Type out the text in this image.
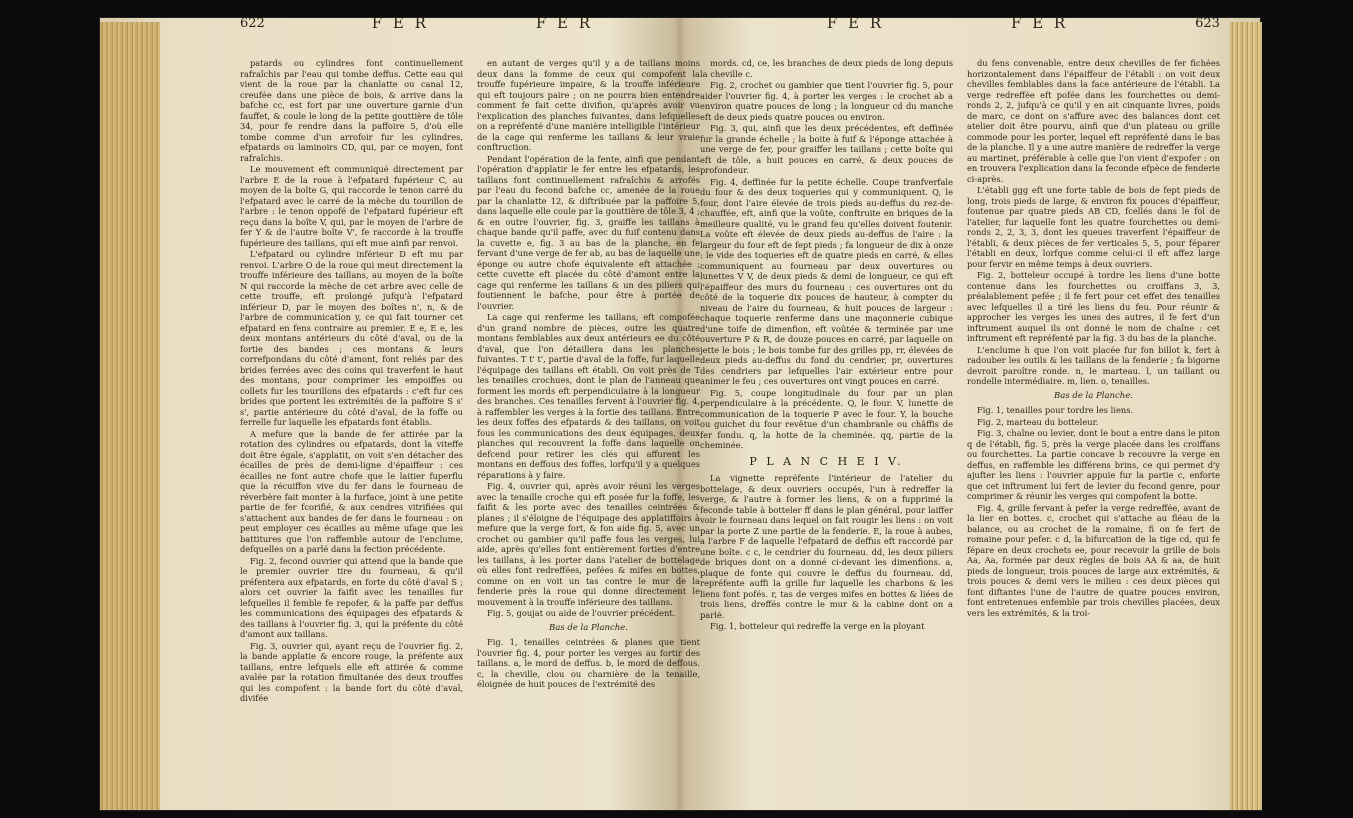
622	F E R	F E R

patards ou cylindres font continuellement rafraîchis par l'eau qui tombe deffus. Cette eau qui vient de la roue par la chanlatte ou canal 12, creufée dans une pièce de bois, & arrive dans la bafche cc, est fort par une ouverture garnie d'un fauffet, & coule le long de la petite gouttière de tôle 34, pour fe rendre dans la paffoire 5, d'où elle tombe comme d'un arrofoir fur les cylindres, efpatards ou laminoirs CD, qui, par ce moyen, font rafraîchis.

Le mouvement eft communiqué directement par l'arbre E de la roue à l'efpatard fupérieur C, au moyen de la boîte G, qui raccorde le tenon carré du l'efpatard avec le carré de la mèche du tourillon de l'arbre : le tenon oppofé de l'efpatard fupérieur eft reçu dans la boîte V, qui, par le moyen de l'arbre de fer Y & de l'autre boîte V', fe raccorde à la trouffe fupérieure des taillans, qui eft mue ainfi par renvoi.

L'efpatard ou cylindre inférieur D eft mu par renvoi. L'arbre O de la roue qui meut directement la trouffe inférieure des taillans, au moyen de la boîte N qui raccorde la mèche de cet arbre avec celle de cette trouffe, eft prolongé jufqu'à l'efpatard inférieur D, par le moyen des boîtes n', n, & de l'arbre de communication y, ce qui fait tourner cet efpatard en fens contraire au premier. E e, E e, les deux montans antérieurs du côté d'aval, ou de la fortie des bandes ; ces montans & leurs correfpondans du côté d'amont, font reliés par des brides ferrées avec des coins qui traverfent le haut des montans, pour comprimer les empoiffes ou collets fur les tourillons des efpatards : c'eft fur ces brides que portent les extrémités de la paffoire S s' s', partie antérieure du côté d'aval, de la foffe ou ferrelle fur laquelle les efpatards font établis.

A mefure que la bande de fer attirée par la rotation des cylindres ou efpatards, dont la viteffe doit être égale, s'applatit, on voit s'en détacher des écailles de près de demi-ligne d'épaiffeur : ces écailles ne font autre chofe que le laitier fuperflu que la récuiffon vive du fer dans le fourneau de réverbère fait monter à la furface, joint à une petite partie de fer fcorifié, & aux cendres vitrifiées qui s'attachent aux bandes de fer dans le fourneau : on peut employer ces écailles au même ufage que les battitures que l'on raffemble autour de l'enclume, defquelles on a parlé dans la fection précédente.

Fig. 2, fecond ouvrier qui attend que la bande que le premier ouvrier tire du fourneau, & qu'il préfentera aux efpatards, en forte du côté d'aval S ; alors cet ouvrier la faifit avec les tenailles fur lefquelles il femble fe repofer, & la paffe par deffus les communications des équipages des efpatards & des taillans à l'ouvrier fig. 3, qui la préfente du côté d'amont aux taillans.

Fig. 3, ouvrier qui, ayant reçu de l'ouvrier fig. 2, la bande applatie & encore rouge, la préfente aux taillans, entre lefquels elle eft attirée & comme avalée par la rotation fimultanée des deux trouffes qui les compofent : la bande fort du côté d'aval, divifée

en autant de verges qu'il y a de taillans moins deux dans la fomme de ceux qui compofent la trouffe fupérieure impaire, & la trouffe inférieure qui eft toujours paire ; on ne pourra bien entendre comment fe fait cette divifion, qu'après avoir vu l'explication des planches fuivantes, dans lefquelles on a repréfenté d'une manière intelligible l'intérieur de la cage qui renferme les taillans & leur vraie conftruction.

Pendant l'opération de la fente, ainfi que pendant l'opération d'applatir le fer entre les efpatards, les taillans font continuellement rafraîchis & arrofés par l'eau du fecond bafche cc, amenée de la roue par la chanlatte 12, & diftribuée par la paffoire 5, dans laquelle elle coule par la gouttière de tôle 3, 4 ; & en outre l'ouvrier, fig. 3, graiffe les taillans à chaque bande qu'il paffe, avec du fuif contenu dans la cuvette e, fig. 3 au bas de la planche, en fe fervant d'une verge de fer ab, au bas de laquelle une éponge ou autre chofe équivalente eft attachée ; cette cuvette eft placée du côté d'amont entre la cage qui renferme les taillans & un des piliers qui foutiennent le bafche, pour être à portée de l'ouvrier.

La cage qui renferme les taillans, eft compofée d'un grand nombre de pièces, outre les quatre montans femblables aux deux antérieurs ee du côté d'aval, que l'on détaillera dans les planches fuivantes. T t' t', partie d'aval de la foffe, fur laquelle l'équipage des taillans eft établi. On voit près de T les tenailles crochues, dont le plan de l'anneau que forment les mords eft perpendiculaire à la longueur des branches. Ces tenailles fervent à l'ouvrier fig. 4, à raffembler les verges à la fortie des taillans. Entre les deux foffes des efpatards & des taillans, on voit fous les communications des deux équipages, deux planches qui recouvrent la foffe dans laquelle on defcend pour retirer les clés qui affurent les montans en deffous des foffes, lorfqu'il y a quelques réparations à y faire.

Fig. 4, ouvrier qui, après avoir réuni les verges avec la tenaille croche qui eft posée fur la foffe, les faifit & les porte avec des tenailles ceintrées & planes ; il s'éloigne de l'équipage des applatiffoirs à mefure que la verge fort, & fon aide fig. 5, avec un crochet ou gambier qu'il paffe fous les verges, lui aide, après qu'elles font entièrement forties d'entre les taillans, à les porter dans l'atelier de bottelage où elles font redreffées, pefées & mifes en bottes, comme on en voit un tas contre le mur de la fenderie près la roue qui donne directement le mouvement à la trouffe inférieure des taillans.

Fig. 5, goujat ou aide de l'ouvrier précédent.

Bas de la Planche.

Fig. 1, tenailles ceintrées & planes que tient l'ouvrier fig. 4, pour porter les verges au fortir des taillans. a, le mord de deffus. b, le mord de deffous. c, la cheville, clou ou charnière de la tenaille, éloignée de huit pouces de l'extrémité des

F E R	F E R	623

mords. cd, ce, les branches de deux pieds de long depuis la cheville c.

Fig. 2, crochet ou gambier que tient l'ouvrier fig. 5, pour aider l'ouvrier fig. 4, à porter les verges : le crochet ab a environ quatre pouces de long ; la longueur cd du manche eft de deux pieds quatre pouces ou environ.

Fig. 3, qui, ainfi que les deux précédentes, eft deffinée fur la grande échelle ; la boite à fuif & l'éponge attachée à une verge de fer, pour graiffer les taillans ; cette boîte qui eft de tôle, a huit pouces en carré, & deux pouces de profondeur.

Fig. 4, deffinée fur la petite échelle. Coupe tranfverfale du four & des deux toqueries qui y communiquent. Q, le four, dont l'aire élevée de trois pieds au-deffus du rez-de-chauffée, eft, ainfi que la voûte, conftruite en briques de la meilleure qualité, vu le grand feu qu'elles doivent foutenir. La voûte eft élevée de deux pieds au-deffus de l'aire : la largeur du four eft de fept pieds ; fa longueur de dix à onze : le vide des toqueries eft de quatre pieds en carré, & elles communiquent au fourneau par deux ouvertures ou lunettes V V, de deux pieds & demi de longueur, ce qui eft l'épaiffeur des murs du fourneau : ces ouvertures ont du côté de la toquerie dix pouces de hauteur, à compter du niveau de l'aire du fourneau, & huit pouces de largeur : chaque toquerie renferme dans une maçonnerie cubique d'une toife de dimenfion, eft voûtée & terminée par une ouverture P & R, de douze pouces en carré, par laquelle on jette le bois ; le bois tombe fur des grilles pp, rr, élevées de deux pieds au-deffus du fond du cendrier, pr, ouvertures des cendriers par lefquelles l'air extérieur entre pour animer le feu ; ces ouvertures ont vingt pouces en carré.

Fig. 5, coupe longitudinale du four par un plan perpendiculaire à la précédente. Q, le four. V, lunette de communication de la toquerie P avec le four. Y, la bouche ou guichet du four revêtue d'un chambranle ou châffis de fer fondu. q, la hotte de la cheminée. qq, partie de la cheminée.

P L A N C H E I V.

La vignette repréfente l'intérieur de l'atelier du bottelage, & deux ouvriers occupés, l'un à redreffer la verge, & l'autre à former les liens, & on a fupprimé la feconde table à botteler ff dans le plan général, pour laiffer voir le fourneau dans lequel on fait rougir les liens : on voit par la porte Z une partie de la fenderie. E, la roue à aubes, a l'arbre F de laquelle l'efpatard de deffus eft raccordé par une boîte. c c, le cendrier du fourneau. dd, les deux piliers de briques dont on a donné ci-devant les dimenfions. a, plaque de fonte qui couvre le deffus du fourneau. dd, repréfente auffi la grille fur laquelle les charbons & les liens font pofés. r, tas de verges mifes en bottes & liées de trois liens, dreffés contre le mur & la cabine dont on a parlé.

Fig. 1, botteleur qui redreffe la verge en la ployant

du fens convenable, entre deux chevilles de fer fichées horizontalement dans l'épaiffeur de l'établi : on voit deux chevilles femblables dans la face antérieure de l'établi. La verge redreffée eft pofée dans les fourchettes ou demi-ronds 2, 2, jufqu'à ce qu'il y en ait cinquante livres, poids de marc, ce dont on s'affure avec des balances dont cet atelier doit être pourvu, ainfi que d'un plateau ou grille commode pour les porter, lequel eft repréfenté dans le bas de la planche. Il y a une autre manière de redreffer la verge au martinet, préférable à celle que l'on vient d'expofer : on en trouvera l'explication dans la feconde efpèce de fenderie ci-après.

L'établi ggg eft une forte table de bois de fept pieds de long, trois pieds de large, & environ fix pouces d'épaiffeur, foutenue par quatre pieds AB CD, fcellés dans le fol de l'atelier, fur laquelle font les quatre fourchettes ou demi-ronds 2, 2, 3, 3, dont les queues traverfent l'épaiffeur de l'établi, & deux pièces de fer verticales 5, 5, pour féparer l'établi en deux, lorfque comme celui-ci il eft affez large pour fervir en même temps à deux ouvriers.

Fig. 2, botteleur occupé à tordre les liens d'une botte contenue dans les fourchettes ou croiffans 3, 3, préalablement pefée ; il fe fert pour cet effet des tenailles avec lefquelles il a tiré les liens du feu. Pour réunir & approcher les verges les unes des autres, il fe fert d'un inftrument auquel ils ont donné le nom de chaîne : cet inftrument eft repréfenté par la fig. 3 du bas de la planche.

L'enclume h que l'on voit placée fur fon billot k, fert à radouber les outils & les taillans de la fenderie ; fa bigorne devroit paroître ronde. n, le marteau. l, un taillant ou rondelle intermédiaire. m, lien. o, tenailles.

Bas de la Planche.

Fig. 1, tenailles pour tordre les liens.

Fig. 2, marteau du botteleur.

Fig. 3, chaîne ou levier, dont le bout a entre dans le piton q de l'établi, fig. 5, près la verge placée dans les croiffans ou fourchettes. La partie concave b recouvre la verge en deffus, en raffemble les différens brins, ce qui permet d'y ajufter les liens : l'ouvrier appuie fur la partie c, enforte que cet inftrument lui fert de levier du fecond genre, pour comprimer & réunir les verges qui compofent la botte.

Fig. 4, grille fervant à pefer la verge redreffée, avant de la lier en bottes. c, crochet qui s'attache au fléau de la balance, ou au crochet de la romaine, fi on fe fert de romaine pour pefer. c d, la bifurcation de la tige cd, qui fe fépare en deux crochets ee, pour recevoir la grille de bois Aa, Aa, formée par deux règles de bois AA & aa, de huit pieds de longueur, trois pouces de large aux extrémités, & trois pouces & demi vers le milieu : ces deux pièces qui font diftantes l'une de l'autre de quatre pouces environ, font entretenues enfemble par trois chevilles placées, deux vers les extrémités, & la troi-
